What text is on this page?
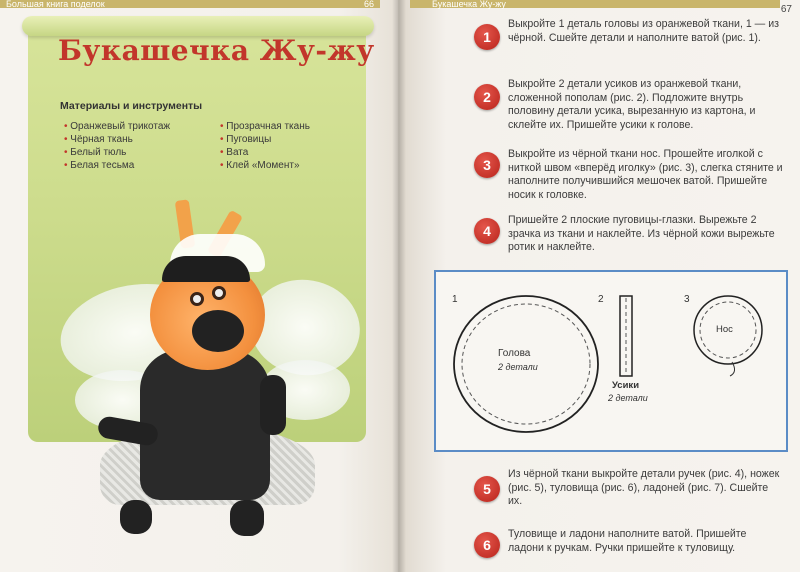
Большая книга поделок	66
Букашечка Жу-жу
Материалы и инструменты
• Оранжевый трикотаж
• Чёрная ткань
• Белый тюль
• Белая тесьма
• Прозрачная ткань
• Пуговицы
• Вата
• Клей «Момент»
Букашечка Жу-жу	67
1
Выкройте 1 деталь головы из оранжевой ткани, 1 — из чёрной. Сшейте детали и наполните ватой (рис. 1).
2
Выкройте 2 детали усиков из оранжевой ткани, сложенной пополам (рис. 2). Подложите внутрь половину детали усика, вырезанную из картона, и склейте их. Пришейте усики к голове.
3
Выкройте из чёрной ткани нос. Прошейте иголкой с ниткой швом «вперёд иголку» (рис. 3), слегка стяните и наполните получившийся мешочек ватой. Пришейте носик к головке.
4
Пришейте 2 плоские пуговицы-глазки. Вырежьте 2 зрачка из ткани и наклейте. Из чёрной кожи вырежьте ротик и наклейте.
1
Голова
2 детали
2
Усики
2 детали
3
Нос
5
Из чёрной ткани выкройте детали ручек (рис. 4), ножек (рис. 5), туловища (рис. 6), ладоней (рис. 7). Сшейте их.
6
Туловище и ладони наполните ватой. Пришейте ладони к ручкам. Ручки пришейте к туловищу.
